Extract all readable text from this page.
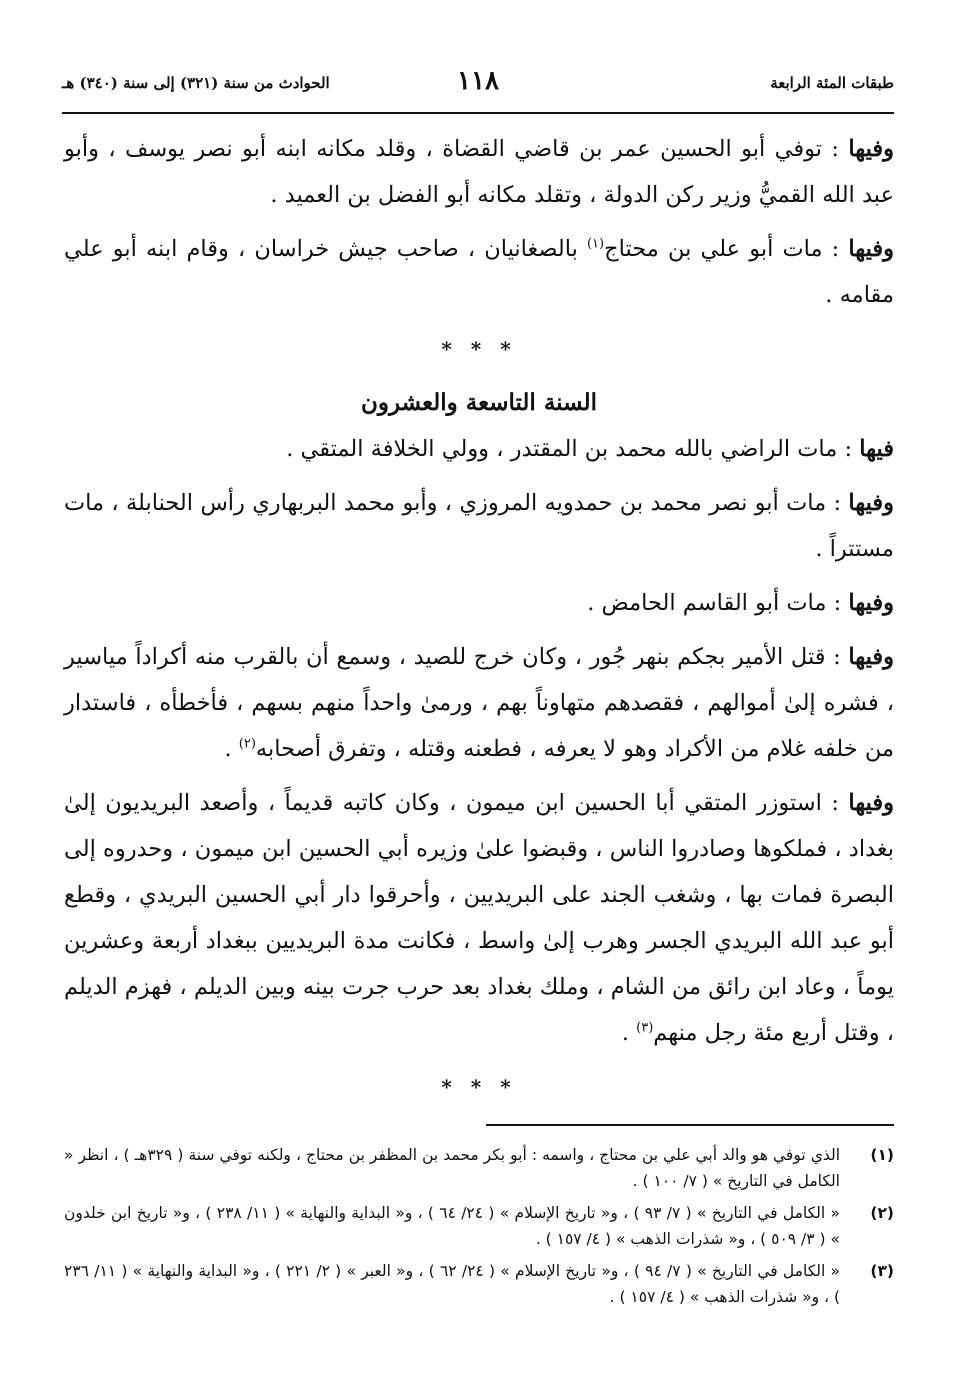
طبقات المئة الرابعة
١١٨
الحوادث من سنة (٣٢١) إلى سنة (٣٤٠) هـ

وفيها : توفي أبو الحسين عمر بن قاضي القضاة ، وقلد مكانه ابنه أبو نصر يوسف ، وأبو عبد الله القميُّ وزير ركن الدولة ، وتقلد مكانه أبو الفضل بن العميد .

وفيها : مات أبو علي بن محتاج$^{(١)}$ بالصغانيان ، صاحب جيش خراسان ، وقام ابنه أبو علي مقامه .

* * *
السنة التاسعة والعشرون

فيها : مات الراضي بالله محمد بن المقتدر ، وولي الخلافة المتقي .

وفيها : مات أبو نصر محمد بن حمدويه المروزي ، وأبو محمد البربهاري رأس الحنابلة ، مات مستتراً .

وفيها : مات أبو القاسم الحامض .

وفيها : قتل الأمير بجكم بنهر جُور ، وكان خرج للصيد ، وسمع أن بالقرب منه أكراداً مياسير ، فشره إلىٰ أموالهم ، فقصدهم متهاوناً بهم ، ورمىٰ واحداً منهم بسهم ، فأخطأه ، فاستدار من خلفه غلام من الأكراد وهو لا يعرفه ، فطعنه وقتله ، وتفرق أصحابه$^{(٢)}$ .

وفيها : استوزر المتقي أبا الحسين ابن ميمون ، وكان كاتبه قديماً ، وأصعد البريديون إلىٰ بغداد ، فملكوها وصادروا الناس ، وقبضوا علىٰ وزيره أبي الحسين ابن ميمون ، وحدروه إلى البصرة فمات بها ، وشغب الجند على البريديين ، وأحرقوا دار أبي الحسين البريدي ، وقطع أبو عبد الله البريدي الجسر وهرب إلىٰ واسط ، فكانت مدة البريديين ببغداد أربعة وعشرين يوماً ، وعاد ابن رائق من الشام ، وملك بغداد بعد حرب جرت بينه وبين الديلم ، فهزم الديلم ، وقتل أربع مئة رجل منهم$^{(٣)}$ .

* * *
(١)
الذي توفي هو والد أبي علي بن محتاج ، واسمه : أبو بكر محمد بن المظفر بن محتاج ، ولكنه توفي سنة ( ٣٢٩هـ ) ، انظر « الكامل في التاريخ » ( ٧/ ١٠٠ ) .
(٢)
« الكامل في التاريخ » ( ٧/ ٩٣ ) ، و« تاريخ الإسلام » ( ٢٤/ ٦٤ ) ، و« البداية والنهاية » ( ١١/ ٢٣٨ ) ، و« تاريخ ابن خلدون » ( ٣/ ٥٠٩ ) ، و« شذرات الذهب » ( ٤/ ١٥٧ ) .
(٣)
« الكامل في التاريخ » ( ٧/ ٩٤ ) ، و« تاريخ الإسلام » ( ٢٤/ ٦٢ ) ، و« العبر » ( ٢/ ٢٢١ ) ، و« البداية والنهاية » ( ١١/ ٢٣٦ ) ، و« شذرات الذهب » ( ٤/ ١٥٧ ) .
